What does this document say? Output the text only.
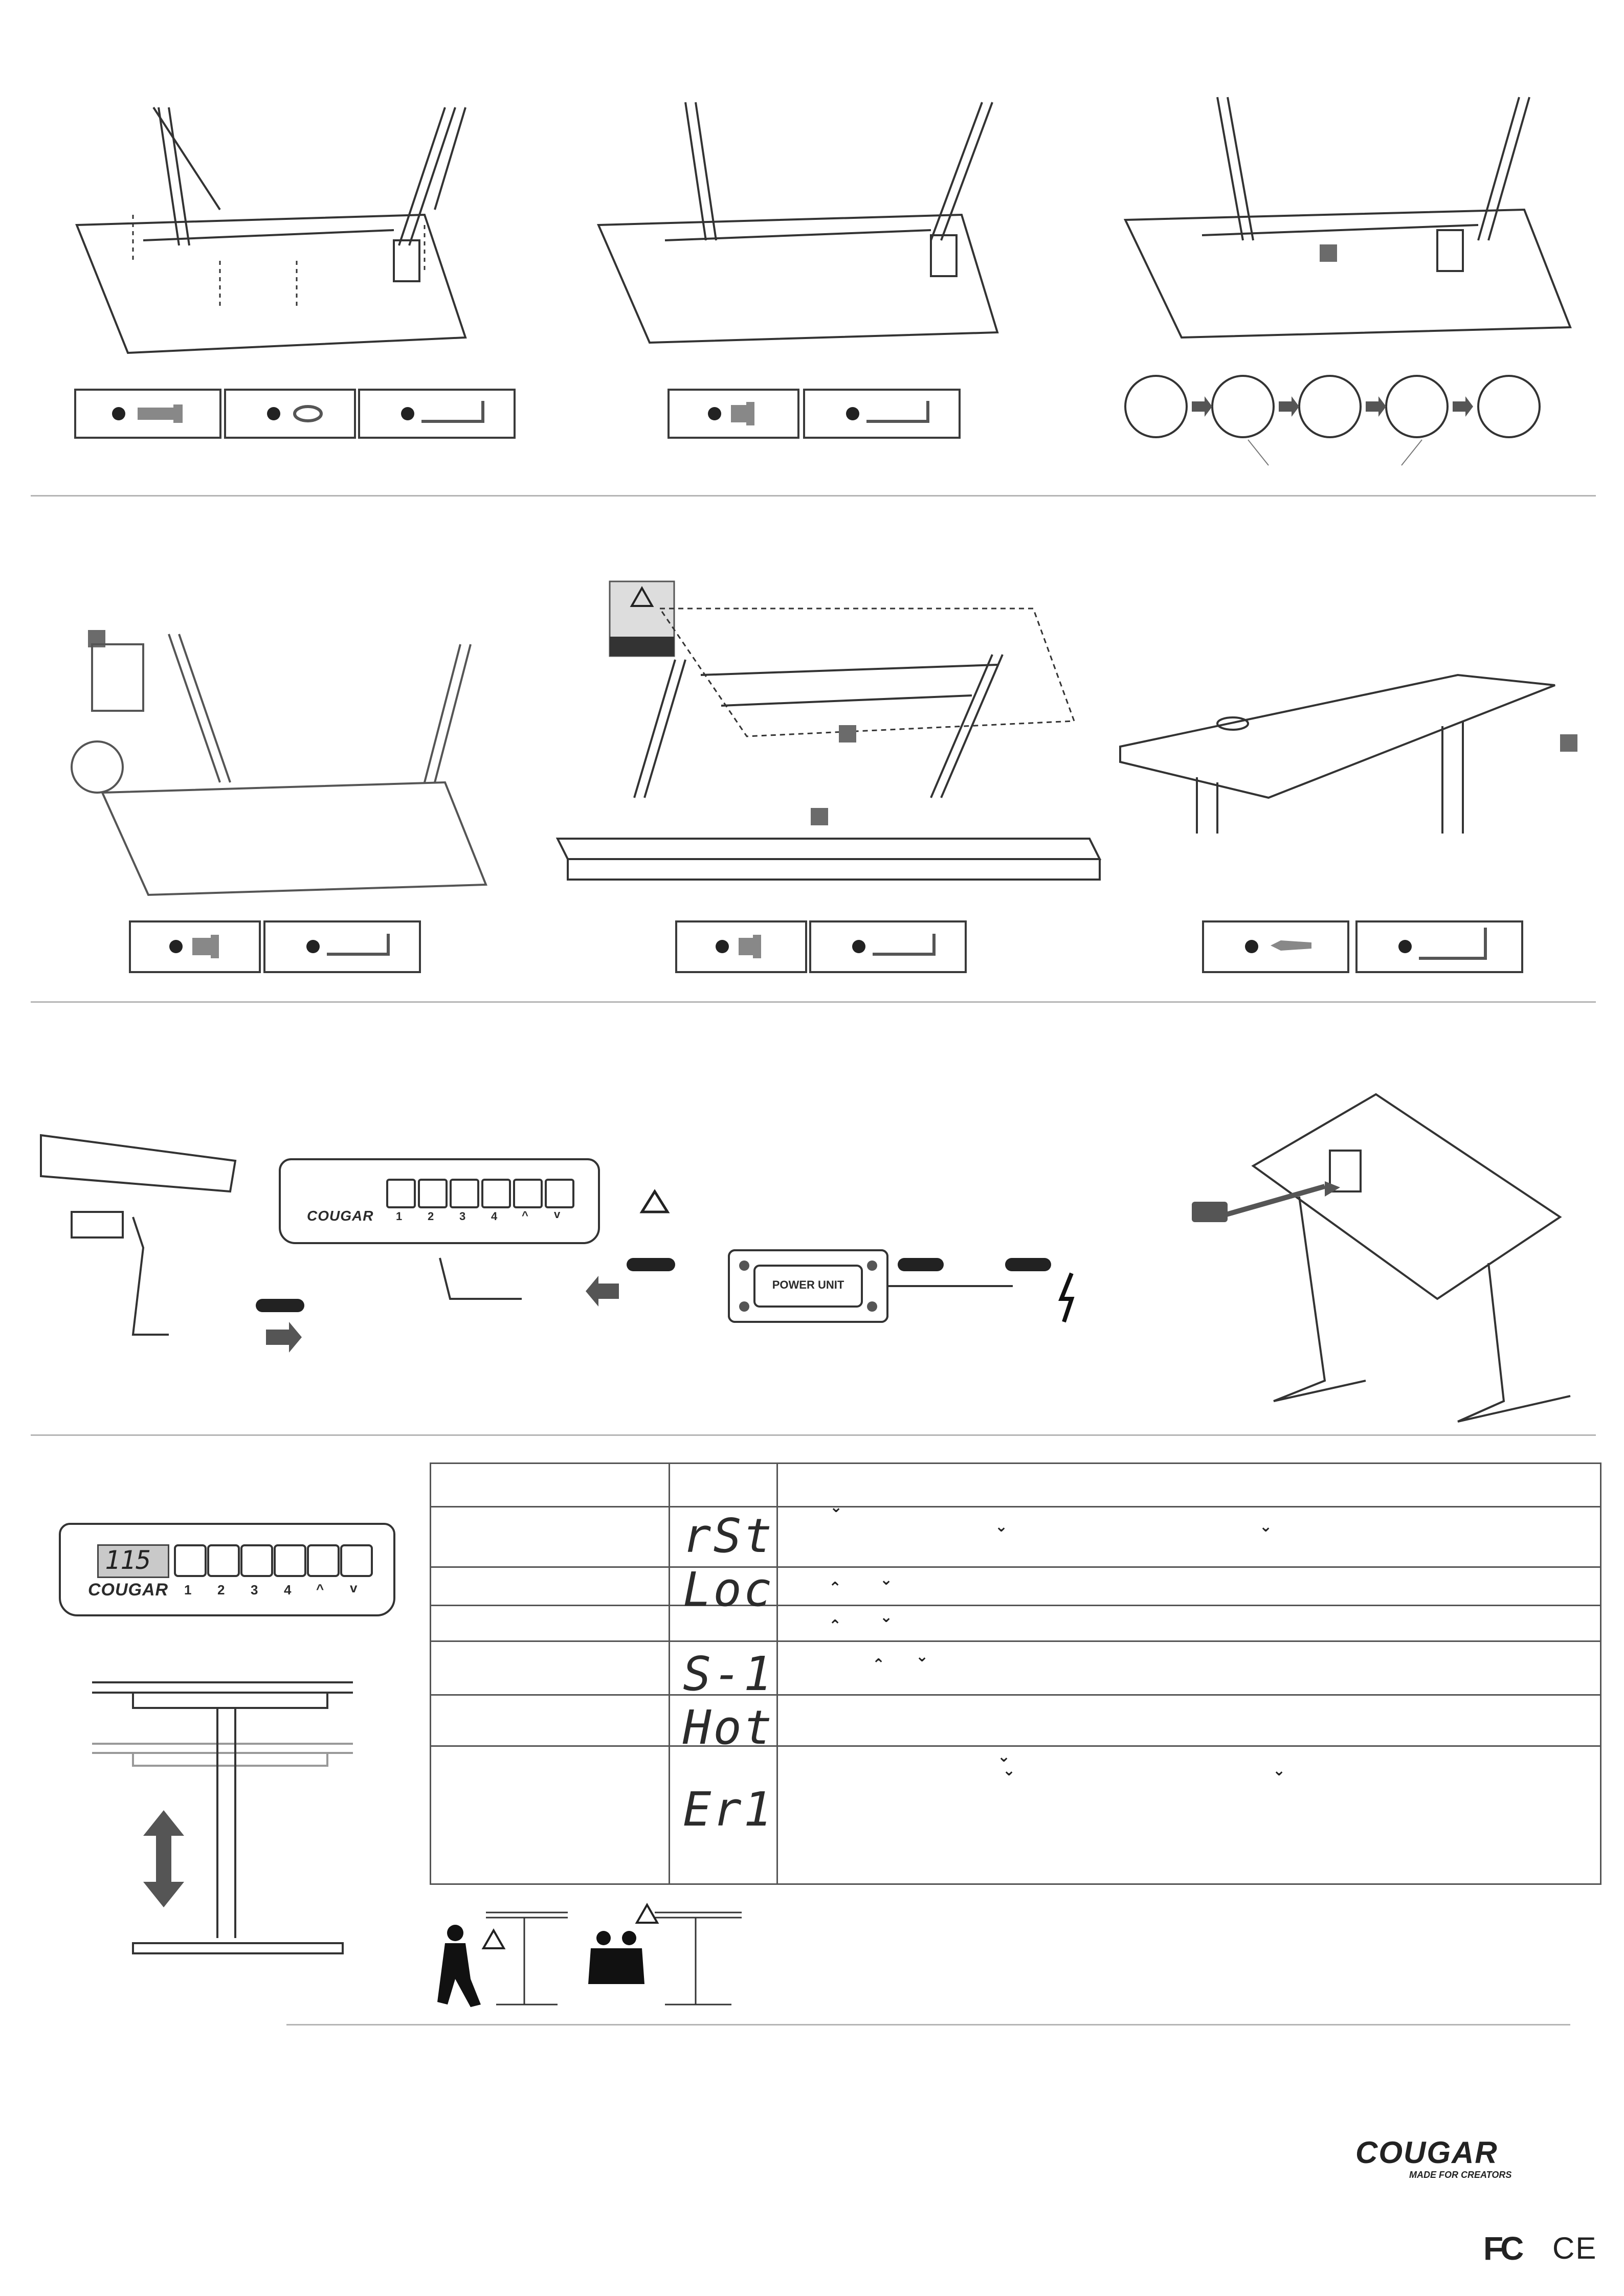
POWER UNIT
COUGAR 1 2 3 4 ^ v
115
COUGAR 1 2 3 4 ^ v
rSt
Loc
S-1
Hot
Er1
⌄
⌄	⌄
⌃ ⌄
⌃ ⌄
⌃ ⌄
⌄
⌄	⌄
COUGAR
MADE FOR CREATORS
FC CE
